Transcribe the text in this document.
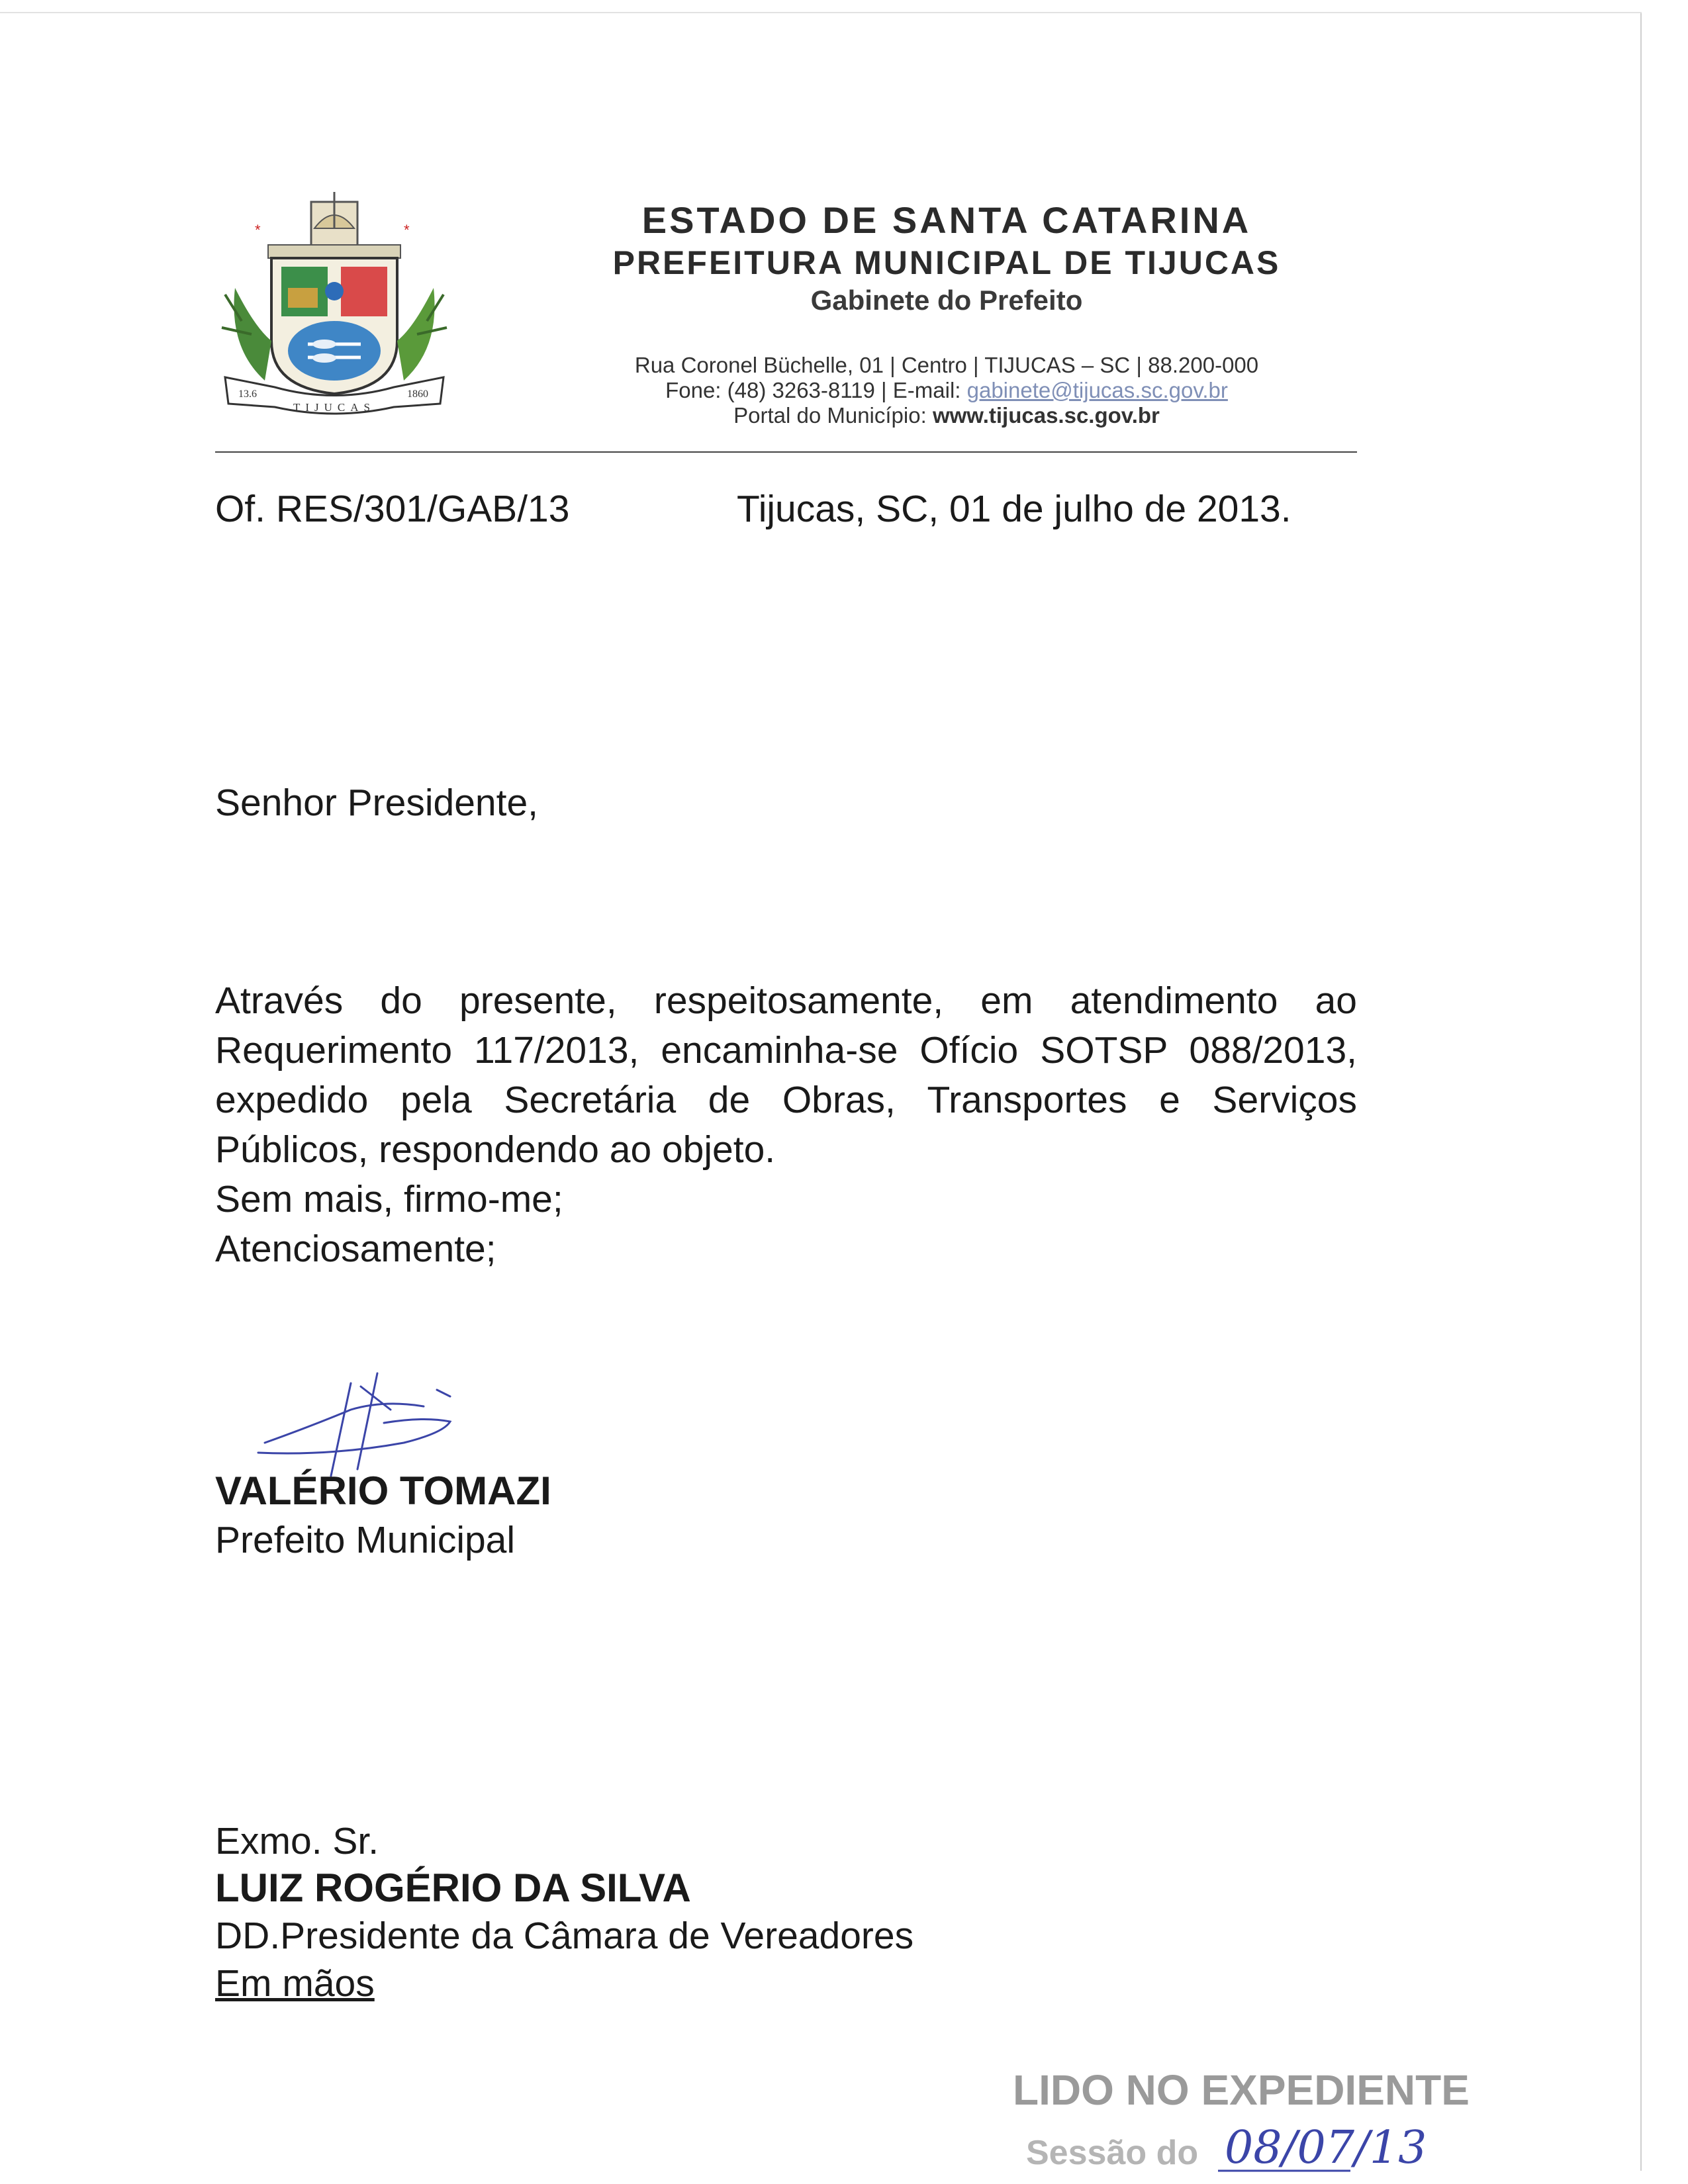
*	*
13.6	1860
TIJUCAS
ESTADO DE SANTA CATARINA
PREFEITURA MUNICIPAL DE TIJUCAS
Gabinete do Prefeito
Rua Coronel Büchelle, 01 | Centro | TIJUCAS – SC | 88.200-000
Fone: (48) 3263-8119 | E-mail: gabinete@tijucas.sc.gov.br
Portal do Município: www.tijucas.sc.gov.br
Of. RES/301/GAB/13	Tijucas, SC, 01 de julho de 2013.
Senhor Presidente,
Através do presente, respeitosamente, em atendimento ao Requerimento 117/2013, encaminha-se Ofício SOTSP 088/2013, expedido pela Secretária de Obras, Transportes e Serviços Públicos, respondendo ao objeto.
Sem mais, firmo-me;
Atenciosamente;
VALÉRIO TOMAZI
Prefeito Municipal
Exmo. Sr.
LUIZ ROGÉRIO DA SILVA
DD.Presidente da Câmara de Vereadores
Em mãos
LIDO NO EXPEDIENTE
Sessão do 08/07/13
